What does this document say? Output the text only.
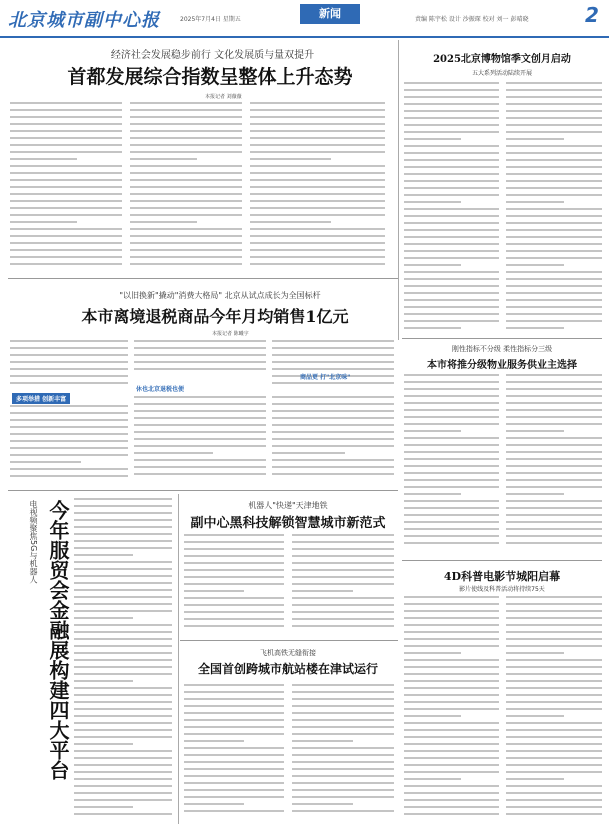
北京城市副中心报	2025年7月4日 星期五	新闻	责编 陈宇松 设计 沙振琛 校对 刘一 彭晴晓	2
经济社会发展稳步前行 文化发展质与量双提升
首都发展综合指数呈整体上升态势
本报记者 刘薇薇
2025北京博物馆季文创月启动
五大系列活动陆续开展
"以旧换新"撬动"消费大格局" 北京从试点成长为全国标杆
本市离境退税商品今年月均销售1亿元
本报记者 陈曦宇
多项举措 创新丰富
休也北京退税也便
商品更 打"北京味"
刚性指标不分级 柔性指标分三级
本市将推分级物业服务供业主选择
电视频聚焦5G与机器人 今年服贸会金融展构建四大平台	机器人"快递"天津地铁
副中心黑科技解锁智慧城市新范式
飞机高铁无缝衔接
全国首创跨城市航站楼在津试运行
4D科普电影节城阳启幕
影片使线及科普活动将持续75天
